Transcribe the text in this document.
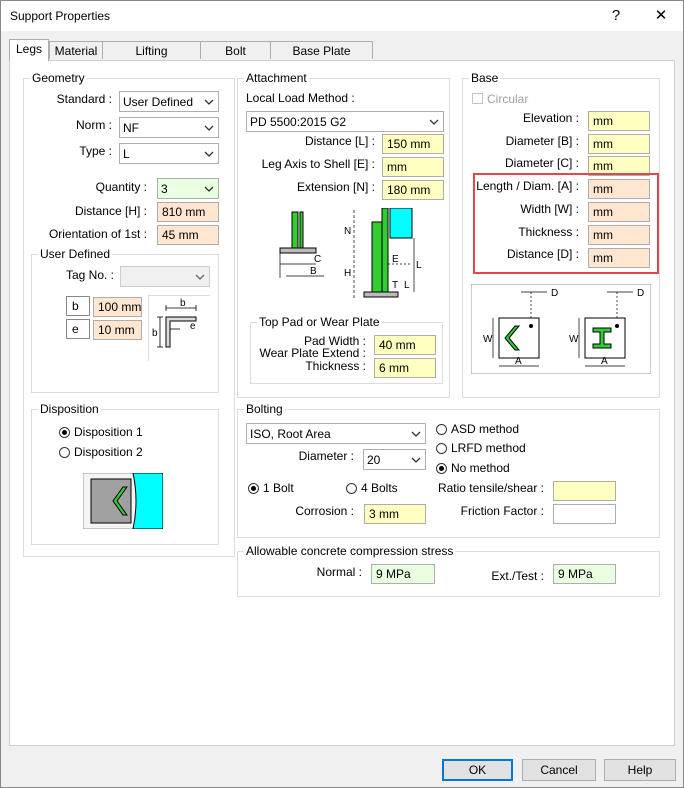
Support Properties	?	✕
Legs	Material	Lifting	Bolt	Base Plate
Geometry
Standard : User Defined
Norm : NF
Type : L
Quantity : 3
Distance [H] :	810 mm
Orientation of 1st :	45 mm
User Defined
Tag No. :
b	100 mm
e	10 mm
b
b
e
Disposition
Disposition 1
Disposition 2
Attachment
Local Load Method :
PD 5500:2015 G2
Distance [L] :	150 mm
Leg Axis to Shell [E] :	mm
Extension [N] :	180 mm
C
B
N
H
E
T L
L
Top Pad or Wear Plate
Pad Width :	40 mm
Wear Plate Extend :
Thickness :	6 mm
Base
Circular
Elevation :	mm
Diameter [B] :	mm
Diameter [C] :	mm
Length / Diam. [A] :	mm
Width [W] :	mm
Thickness :	mm
Distance [D] :	mm
D
W
A
D
W
A
Bolting
ISO, Root Area
Diameter : 20
1 Bolt	4 Bolts
Corrosion :	3 mm
ASD method
LRFD method
No method
Ratio tensile/shear :
Friction Factor :
Allowable concrete compression stress
Normal :	9 MPa	Ext./Test :	9 MPa
OK	Cancel	Help
